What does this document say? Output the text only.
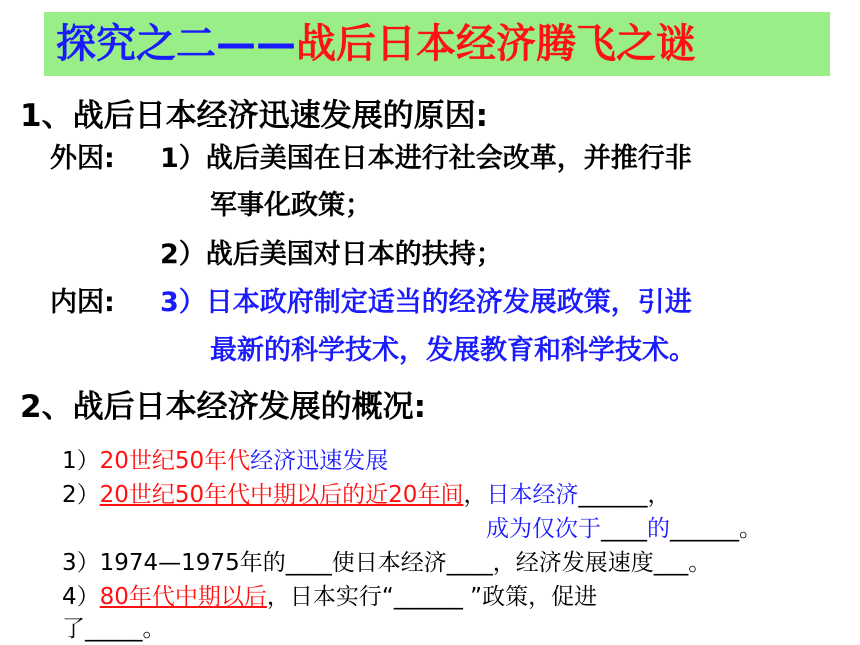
探究之二——战后日本经济腾飞之谜
1、战后日本经济迅速发展的原因:
外因: 1）战后美国在日本进行社会改革，并推行非
军事化政策；
2）战后美国对日本的扶持；
内因: 3）日本政府制定适当的经济发展政策，引进
最新的科学技术，发展教育和科学技术。
2、战后日本经济发展的概况:
1）20世纪50年代经济迅速发展
2）20世纪50年代中期以后的近20年间，日本经济______，
成为仅次于____的______。
3）1974—1975年的____使日本经济____，经济发展速度___。
4）80年代中期以后，日本实行“______ ”政策，促进
了_____。
